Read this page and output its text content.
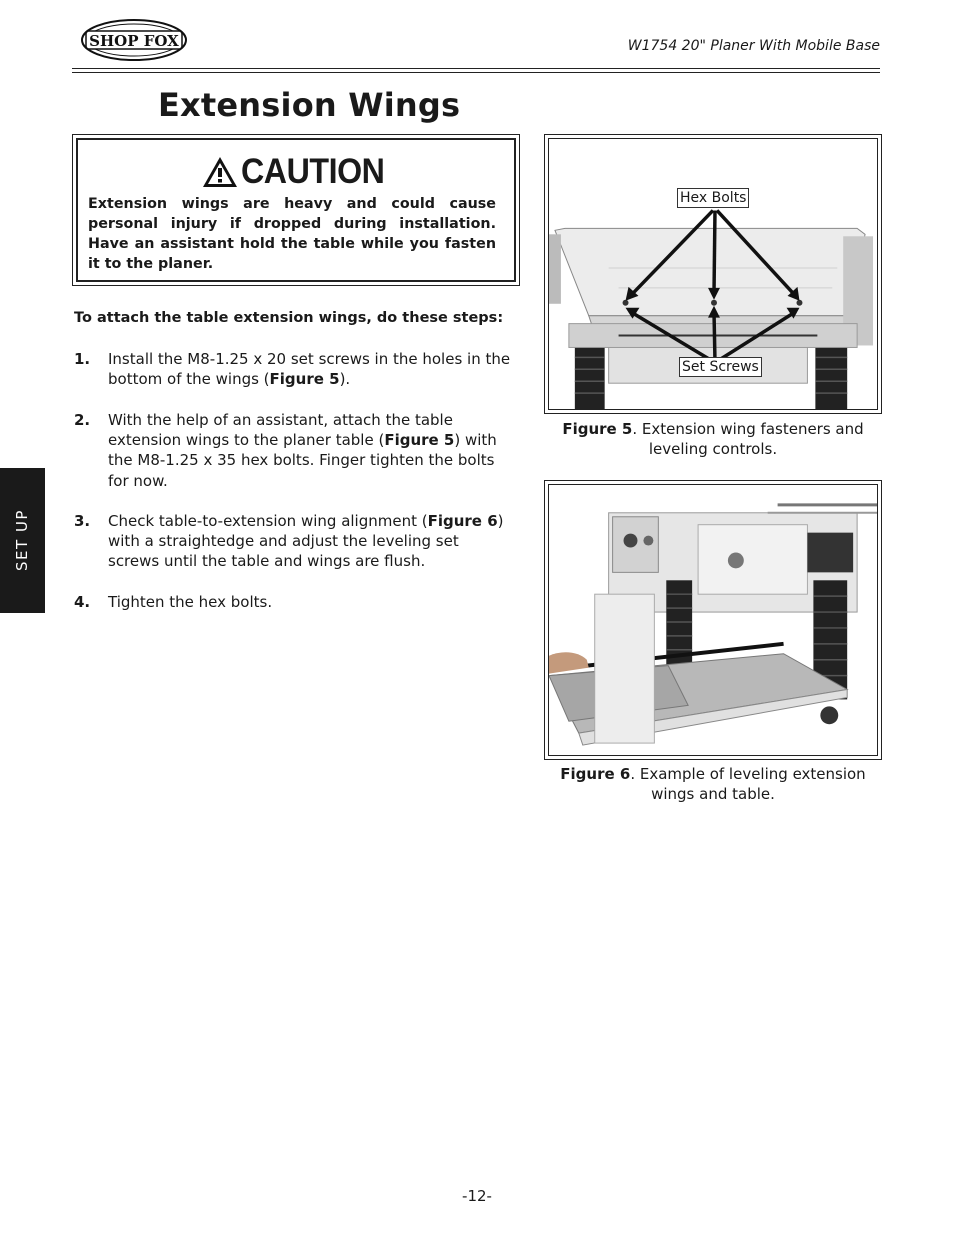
SHOP FOX	W1754 20" Planer With Mobile Base
Extension Wings
CAUTION
Extension wings are heavy and could cause personal injury if dropped during installation. Have an assistant hold the table while you fasten it to the planer.
To attach the table extension wings, do these steps:
1. Install the M8-1.25 x 20 set screws in the holes in the bottom of the wings (Figure 5).
2. With the help of an assistant, attach the table extension wings to the planer table (Figure 5) with the M8-1.25 x 35 hex bolts. Finger tighten the bolts for now.
3. Check table-to-extension wing alignment (Figure 6) with a straightedge and adjust the leveling set screws until the table and wings are flush.
4. Tighten the hex bolts.
Hex Bolts
Set Screws
Figure 5. Extension wing fasteners and leveling controls.
Figure 6. Example of leveling extension wings and table.
SET UP
-12-
